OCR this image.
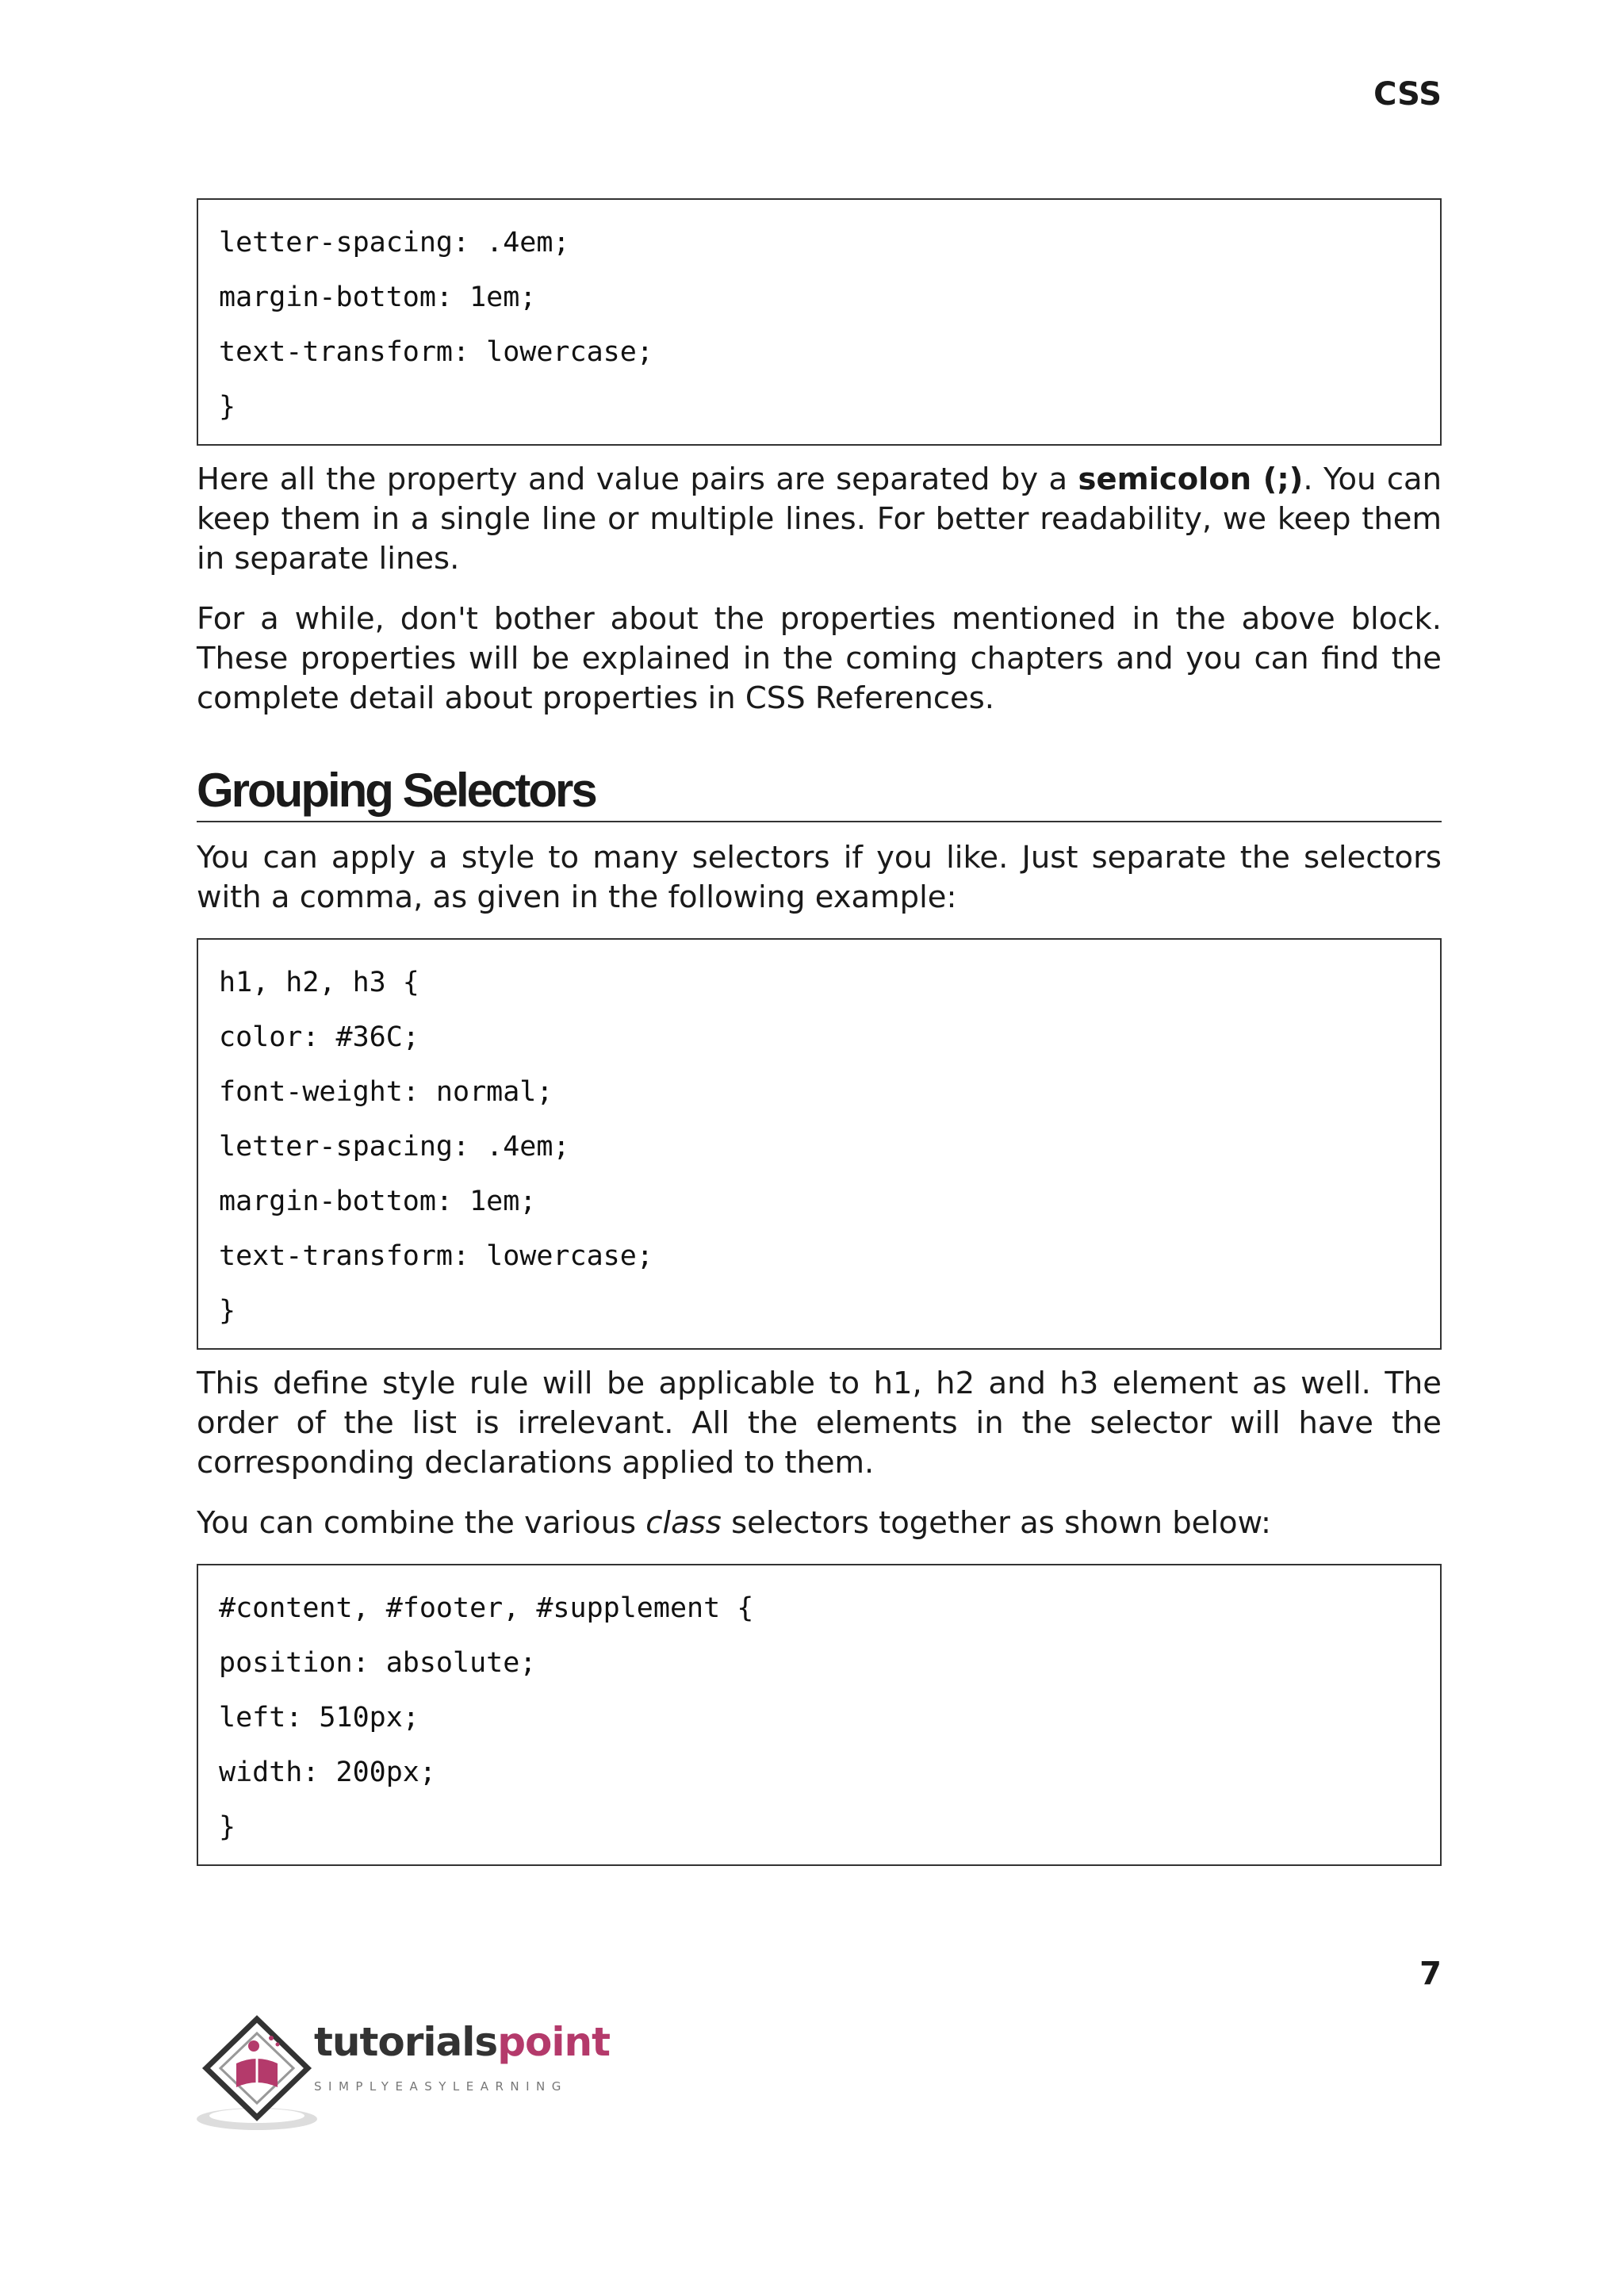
CSS
letter-spacing: .4em;
margin-bottom: 1em;
text-transform: lowercase;
}

Here all the property and value pairs are separated by a semicolon (;). You can keep them in a single line or multiple lines. For better readability, we keep them in separate lines.

For a while, don't bother about the properties mentioned in the above block. These properties will be explained in the coming chapters and you can find the complete detail about properties in CSS References.

Grouping Selectors

You can apply a style to many selectors if you like. Just separate the selectors with a comma, as given in the following example:

h1, h2, h3 {
color: #36C;
font-weight: normal;
letter-spacing: .4em;
margin-bottom: 1em;
text-transform: lowercase;
}

This define style rule will be applicable to h1, h2 and h3 element as well. The order of the list is irrelevant. All the elements in the selector will have the corresponding declarations applied to them.

You can combine the various class selectors together as shown below:

#content, #footer, #supplement {
position: absolute;
left: 510px;
width: 200px;
}
7
tutorialspoint
SIMPLYEASYLEARNING
